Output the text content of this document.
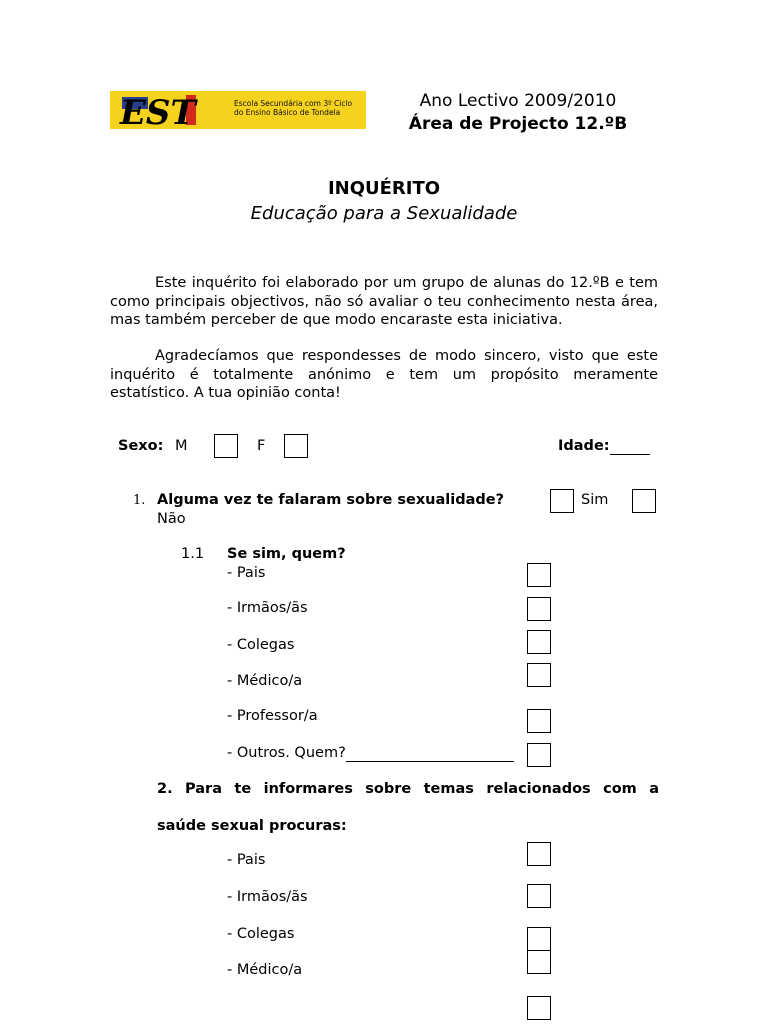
EST	Escola Secundária com 3º Ciclo
do Ensino Básico de Tondela
Ano Lectivo 2009/2010
Área de Projecto 12.ºB
INQUÉRITO
Educação para a Sexualidade
Este inquérito foi elaborado por um grupo de alunas do 12.ºB e tem como principais objectivos, não só avaliar o teu conhecimento nesta área, mas também perceber de que modo encaraste esta iniciativa.
Agradecíamos que respondesses de modo sincero, visto que este inquérito é totalmente anónimo e tem um propósito meramente estatístico. A tua opinião conta!
Sexo: M	F	Idade:
1. Alguma vez te falaram sobre sexualidade?	Sim
Não
1.1 Se sim, quem?
- Pais
- Irmãos/ãs
- Colegas
- Médico/a
- Professor/a
- Outros. Quem?
2. Para te informares sobre temas relacionados com a
saúde sexual procuras:
- Pais
- Irmãos/ãs
- Colegas
- Médico/a
